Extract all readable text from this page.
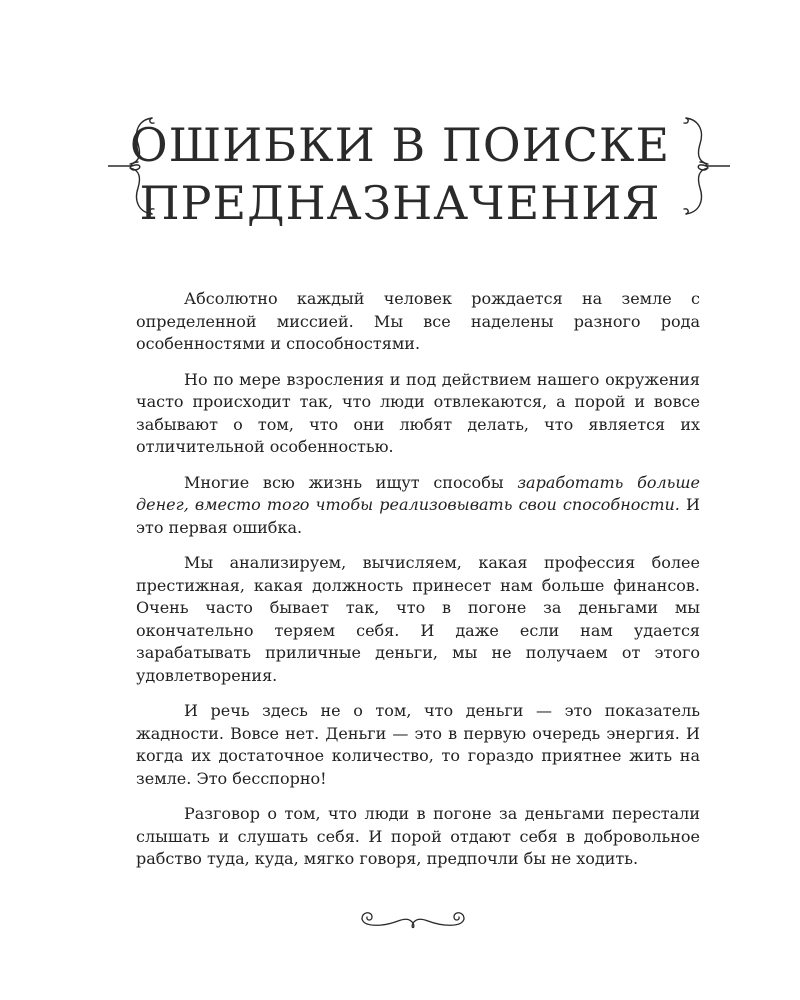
ОШИБКИ В ПОИСКЕ
ПРЕДНАЗНАЧЕНИЯ

Абсолютно каждый человек рождается на земле с определенной миссией. Мы все наделены разного рода особенностями и способностями.

Но по мере взросления и под действием нашего окружения часто происходит так, что люди отвлекаются, а порой и вовсе забывают о том, что они любят делать, что является их отличительной особенностью.

Многие всю жизнь ищут способы заработать больше денег, вместо того чтобы реализовывать свои способности. И это первая ошибка.

Мы анализируем, вычисляем, какая профессия более престижная, какая должность принесет нам больше финансов. Очень часто бывает так, что в погоне за деньгами мы окончательно теряем себя. И даже если нам удается зарабатывать приличные деньги, мы не получаем от этого удовлетворения.

И речь здесь не о том, что деньги — это показатель жадности. Вовсе нет. Деньги — это в первую очередь энергия. И когда их достаточное количество, то гораздо приятнее жить на земле. Это бесспорно!

Разговор о том, что люди в погоне за деньгами перестали слышать и слушать себя. И порой отдают себя в добровольное рабство туда, куда, мягко говоря, предпочли бы не ходить.
